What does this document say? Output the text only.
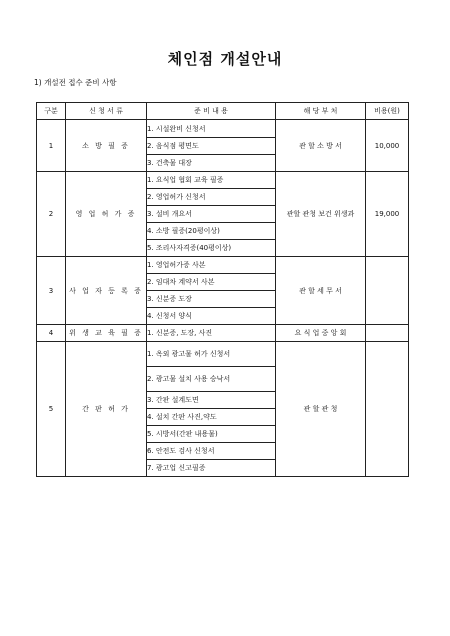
체인점 개설안내
1) 개설전 접수 준비 사항
구분	신 청 서 류	준 비 내 용	해 당 부 처	비용(원)
1	소 방 필 증	1. 시설완비 신청서	관 할 소 방 서	10,000
		2. 음식점 평면도		
		3. 건축물 대장		
2	영 업 허 가 증	1. 요식업 협회 교육 필증	관할 관청 보건 위생과	19,000
		2. 영업허가 신청서		
		3. 설비 개요서		
		4. 소방 필증(20평이상)		
		5. 조리사자격증(40평이상)		
3	사 업 자 등 록 증	1. 영업허가증 사본	관 할 세 무 서	
		2. 임대차 계약서 사본		
		3. 신분증 도장		
		4. 신청서 양식		
4	위 생 교 육 필 증	1. 신분증, 도장, 사진	요 식 업 중 앙 회	
5	간 판 허 가	1. 옥외 광고물 허가 신청서	관 할 관 청	
		2. 광고물 설치 사용 승낙서		
		3. 간판 설계도면		
		4. 설치 간판 사진,약도		
		5. 시방서(간판 내용물)		
		6. 안전도 검사 신청서		
		7. 광고업 신고필증		
